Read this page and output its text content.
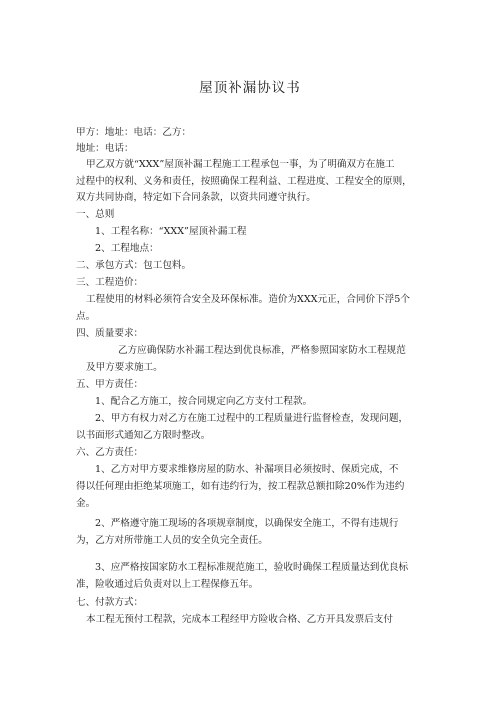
屋顶补漏协议书
甲方：地址：电话：乙方：
地址：电话：
甲乙双方就“XXX”屋顶补漏工程施工工程承包一事，为了明确双方在施工
过程中的权利、义务和责任，按照确保工程利益、工程进度、工程安全的原则，
双方共同协商，特定如下合同条款，以资共同遵守执行。
一、总则
1、工程名称：“XXX”屋顶补漏工程
2、工程地点：
二、承包方式：包工包料。
三、工程造价：
工程使用的材料必须符合安全及环保标准。造价为XXX元正，合同价下浮5个
点。
四、质量要求：
乙方应确保防水补漏工程达到优良标准，严格参照国家防水工程规范
及甲方要求施工。
五、甲方责任：
1、配合乙方施工，按合同规定向乙方支付工程款。
2、甲方有权力对乙方在施工过程中的工程质量进行监督检查，发现问题，
以书面形式通知乙方限时整改。
六、乙方责任：
1、乙方对甲方要求维修房屋的防水、补漏项目必须按时、保质完成，不
得以任何理由拒绝某项施工，如有违约行为，按工程款总额扣除20%作为违约
金。
2、严格遵守施工现场的各项规章制度，以确保安全施工，不得有违规行
为，乙方对所带施工人员的安全负完全责任。
3、应严格按国家防水工程标准规范施工，验收时确保工程质量达到优良标
准，险收通过后负责对以上工程保修五年。
七、付款方式：
本工程无预付工程款，完成本工程经甲方险收合格、乙方开具发票后支付
